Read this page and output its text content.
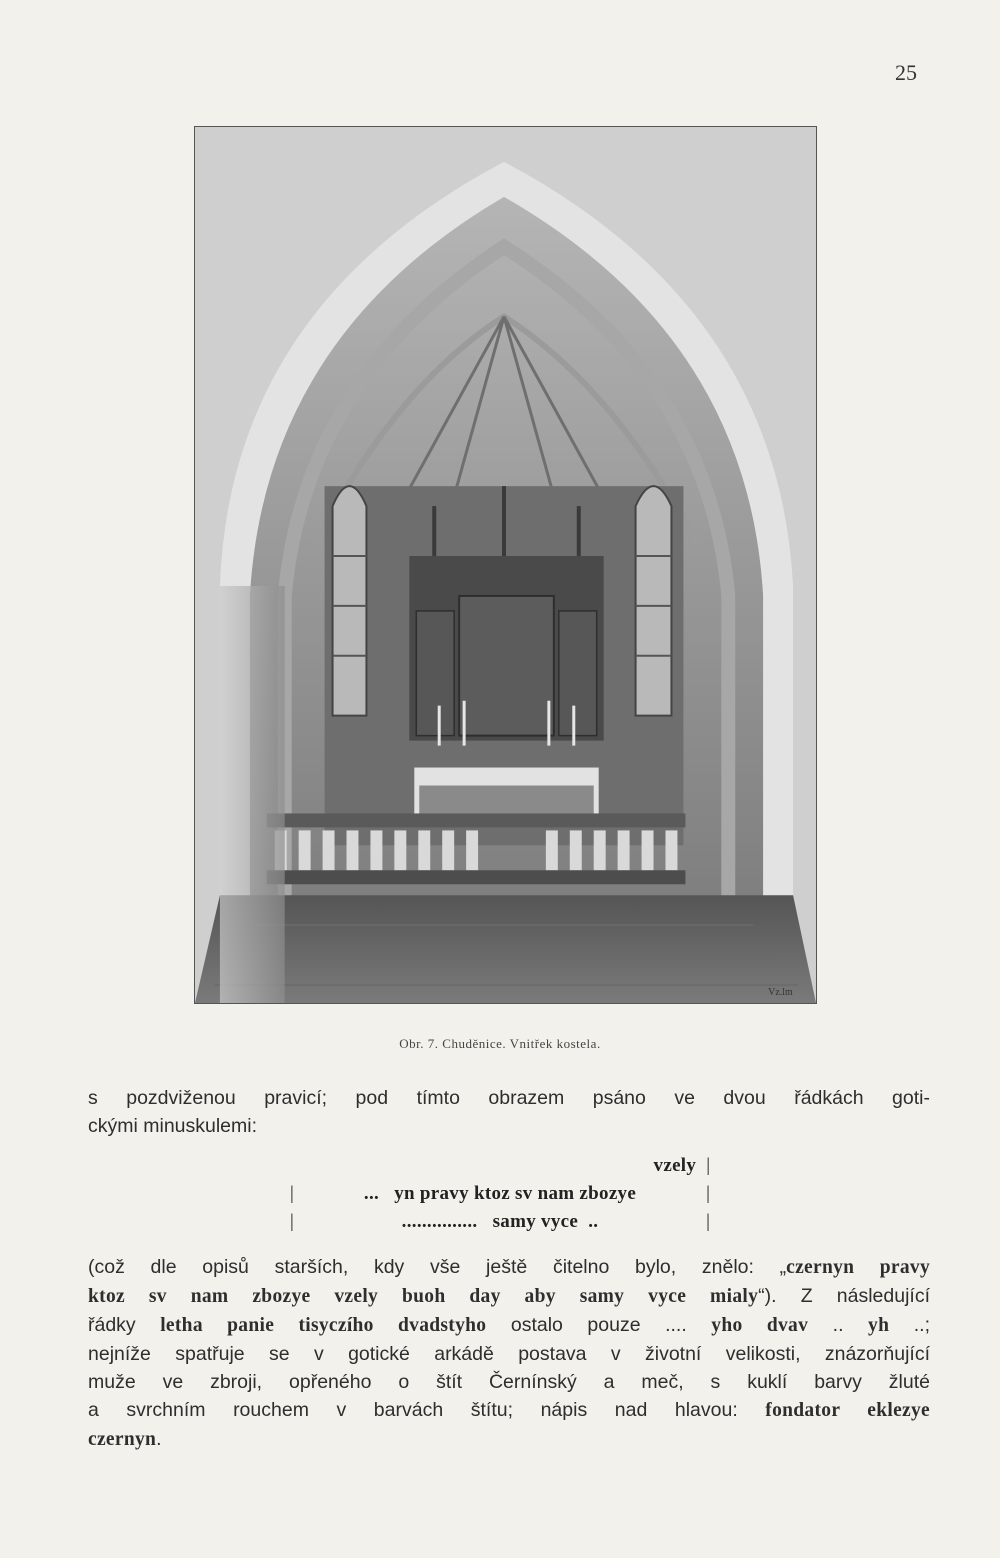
25
Vz.lm
Obr. 7. Chuděnice. Vnitřek kostela.
s pozdviženou pravicí; pod tímto obrazem psáno ve dvou řádkách goti-
ckými minuskulemi:
vzely |
|	...   yn pravy ktoz sv nam zbozye	|
|	...............   samy vyce  ..	|
(což dle opisů starších, kdy vše ještě čitelno bylo, znělo: „czernyn pravy
ktoz sv nam zbozye vzely buoh day aby samy vyce mialy“). Z následující
řádky letha panie tisyczího dvadstyho ostalo pouze .... yho dvav .. yh ..;
nejníže spatřuje se v gotické arkádě postava v životní velikosti, znázorňující
muže ve zbroji, opřeného o štít Černínský a meč, s kuklí barvy žluté
a svrchním rouchem v barvách štítu; nápis nad hlavou: fondator eklezye
czernyn.
